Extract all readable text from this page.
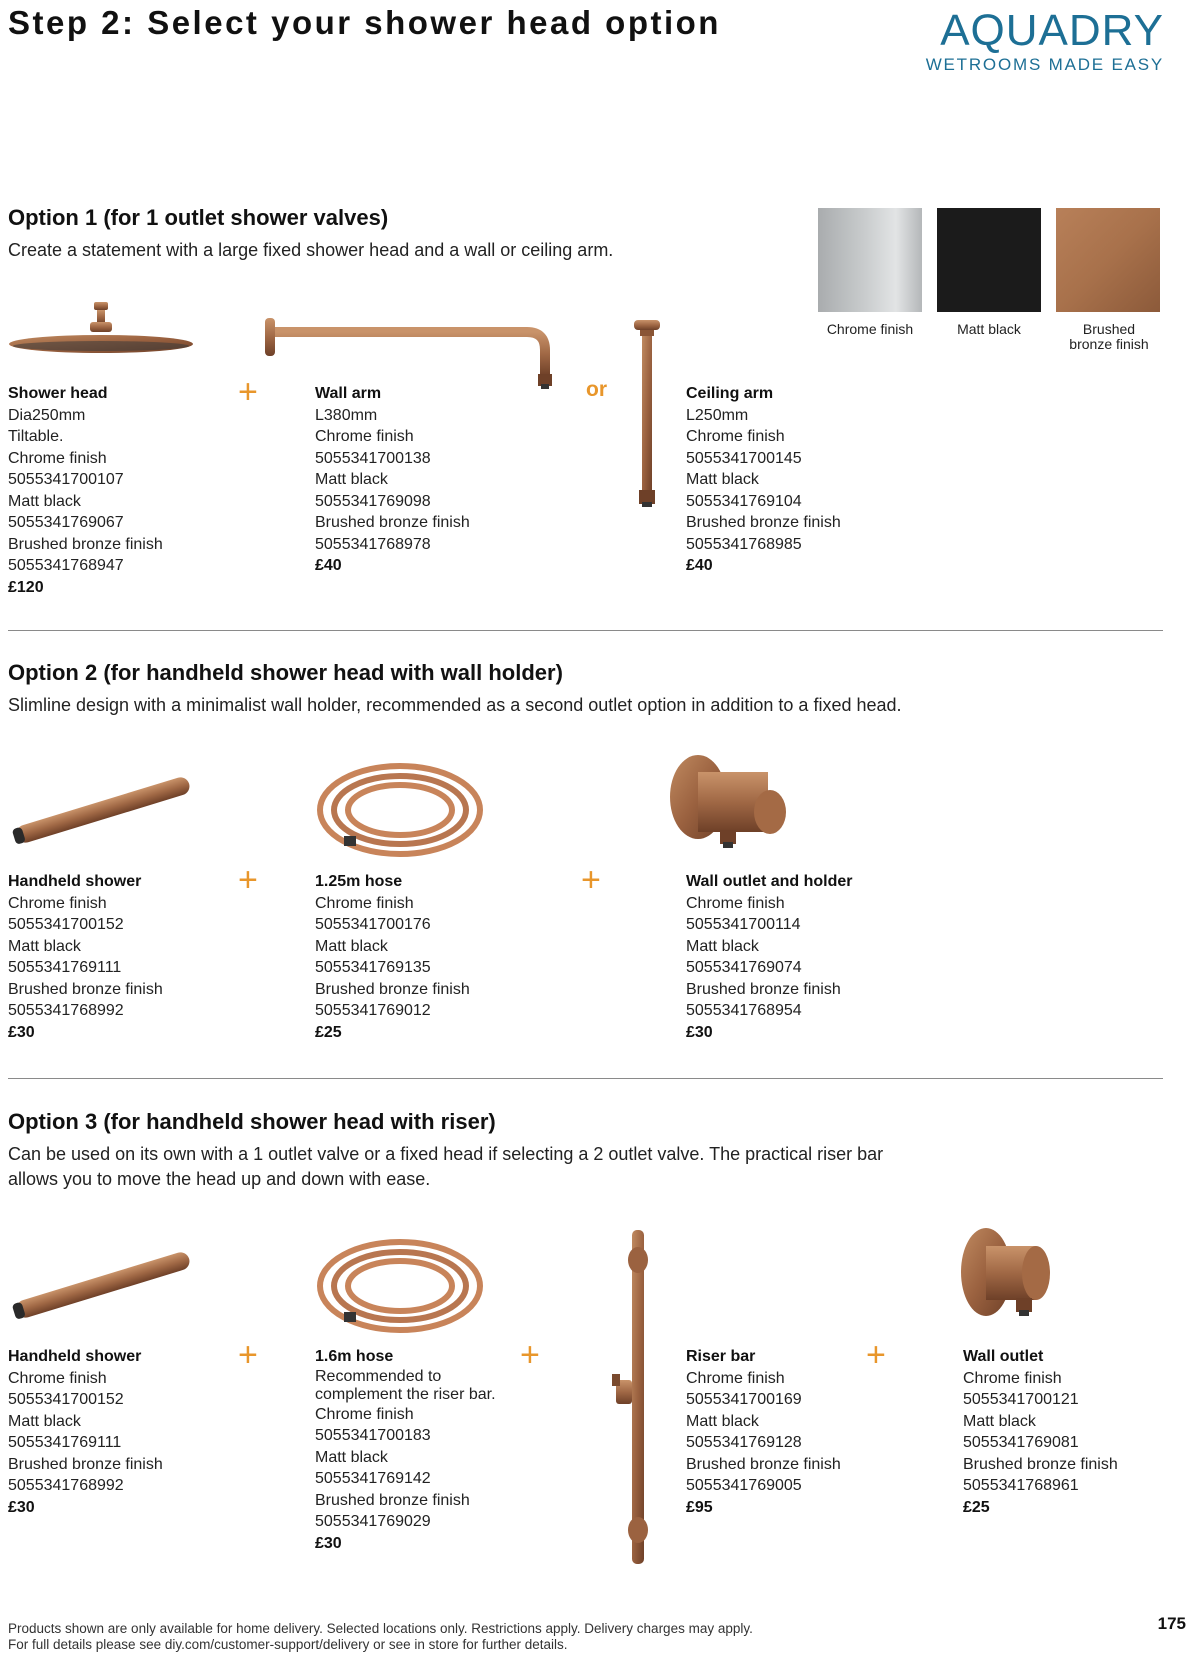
Step 2: Select your shower head option	AQUADRY
WETROOMS MADE EASY
Chrome finish	Matt black	Brushed bronze finish
Option 1 (for 1 outlet shower valves)
Create a statement with a large fixed shower head and a wall or ceiling arm.
or
+
Shower head
Dia250mm
Tiltable.
Chrome finish
5055341700107
Matt black
5055341769067
Brushed bronze finish
5055341768947
£120
Wall arm
L380mm
Chrome finish
5055341700138
Matt black
5055341769098
Brushed bronze finish
5055341768978
£40
Ceiling arm
L250mm
Chrome finish
5055341700145
Matt black
5055341769104
Brushed bronze finish
5055341768985
£40
Option 2 (for handheld shower head with wall holder)
Slimline design with a minimalist wall holder, recommended as a second outlet option in addition to a fixed head.
+	+
Handheld shower
Chrome finish
5055341700152
Matt black
5055341769111
Brushed bronze finish
5055341768992
£30
1.25m hose
Chrome finish
5055341700176
Matt black
5055341769135
Brushed bronze finish
5055341769012
£25
Wall outlet and holder
Chrome finish
5055341700114
Matt black
5055341769074
Brushed bronze finish
5055341768954
£30
Option 3 (for handheld shower head with riser)
Can be used on its own with a 1 outlet valve or a fixed head if selecting a 2 outlet valve. The practical riser bar
allows you to move the head up and down with ease.
+	+	+
Handheld shower
Chrome finish
5055341700152
Matt black
5055341769111
Brushed bronze finish
5055341768992
£30
1.6m hose
Recommended to
complement the riser bar.
Chrome finish
5055341700183
Matt black
5055341769142
Brushed bronze finish
5055341769029
£30
Riser bar
Chrome finish
5055341700169
Matt black
5055341769128
Brushed bronze finish
5055341769005
£95
Wall outlet
Chrome finish
5055341700121
Matt black
5055341769081
Brushed bronze finish
5055341768961
£25
Products shown are only available for home delivery. Selected locations only. Restrictions apply. Delivery charges may apply.
For full details please see diy.com/customer-support/delivery or see in store for further details.
175
